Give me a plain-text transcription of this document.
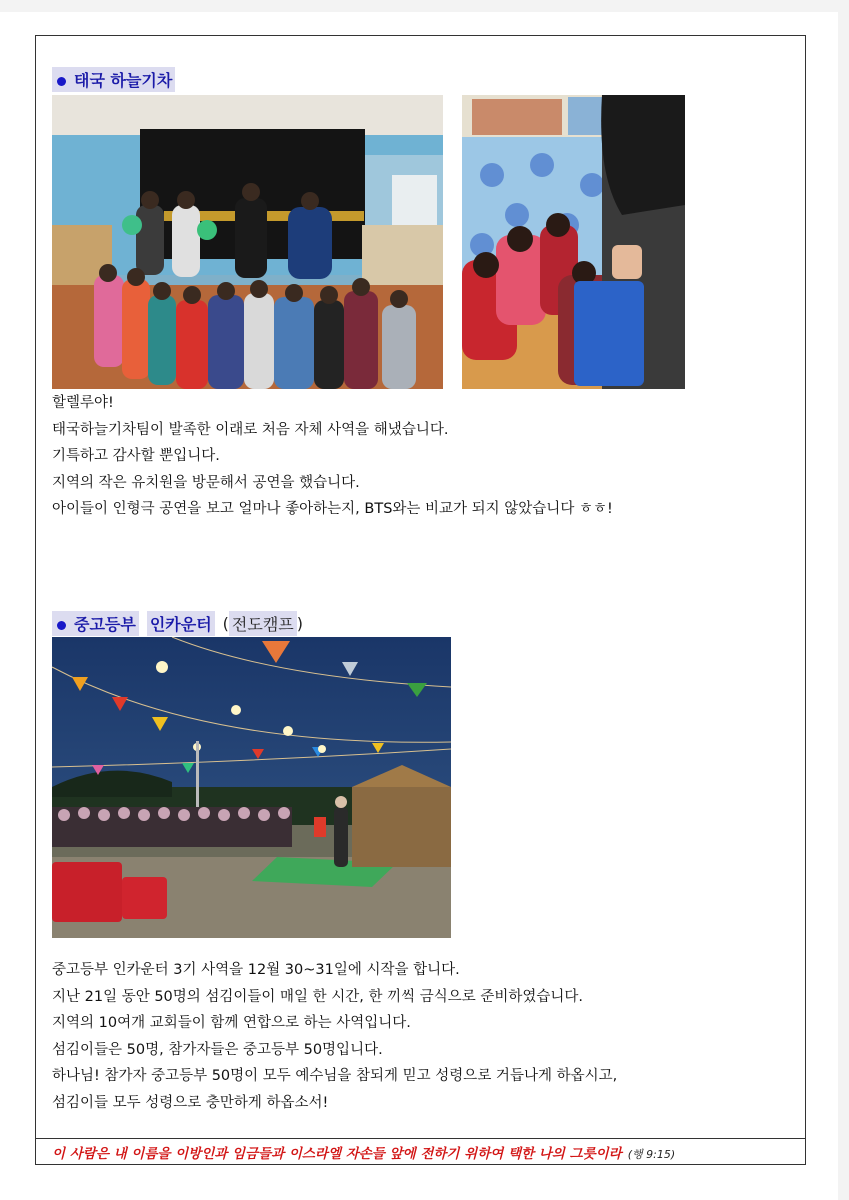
태국 하늘기차

할렐루야!

태국하늘기차팀이 발족한 이래로 처음 자체 사역을 해냈습니다.

기특하고 감사할 뿐입니다.

지역의 작은 유치원을 방문해서 공연을 했습니다.

아이들이 인형극 공연을 보고 얼마나 좋아하는지, BTS와는 비교가 되지 않았습니다 ㅎㅎ!

중고등부 인카운터 ( 전도캠프 )

중고등부 인카운터 3기 사역을 12월 30~31일에 시작을 합니다.

지난 21일 동안 50명의 섬김이들이 매일 한 시간, 한 끼씩 금식으로 준비하였습니다.

지역의 10여개 교회들이 함께 연합으로 하는 사역입니다.

섬김이들은 50명, 참가자들은 중고등부 50명입니다.

하나님! 참가자 중고등부 50명이 모두 예수님을 참되게 믿고 성령으로 거듭나게 하옵시고,

섬김이들 모두 성령으로 충만하게 하옵소서!

이 사람은 내 이름을 이방인과 임금들과 이스라엘 자손들 앞에 전하기 위하여 택한 나의 그릇이라 (행 9:15)
